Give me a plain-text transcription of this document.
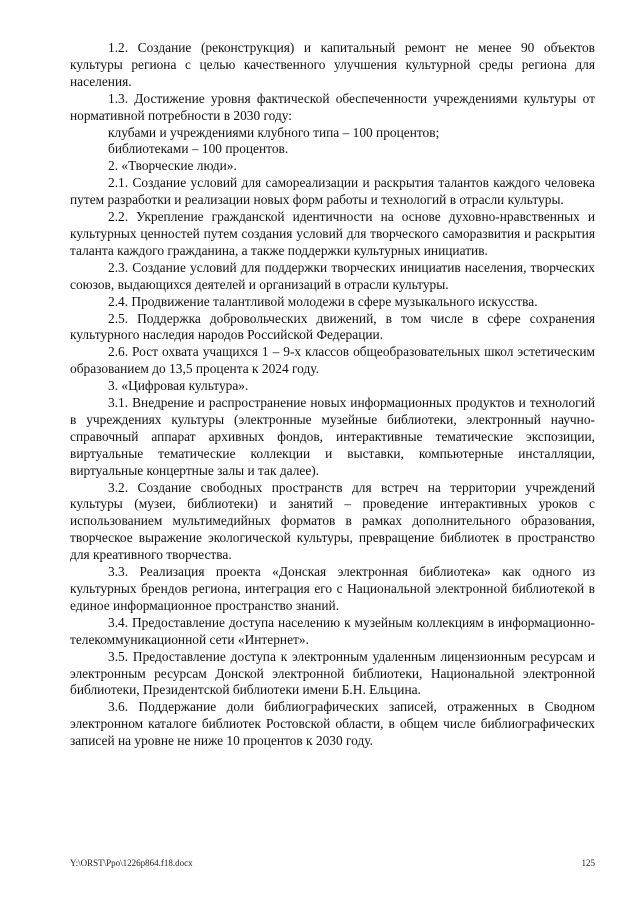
1.2. Создание (реконструкция) и капитальный ремонт не менее 90 объектов культуры региона с целью качественного улучшения культурной среды региона для населения.

1.3. Достижение уровня фактической обеспеченности учреждениями культуры от нормативной потребности в 2030 году:

клубами и учреждениями клубного типа – 100 процентов;

библиотеками – 100 процентов.

2. «Творческие люди».

2.1. Создание условий для самореализации и раскрытия талантов каждого человека путем разработки и реализации новых форм работы и технологий в отрасли культуры.

2.2. Укрепление гражданской идентичности на основе духовно-нравственных и культурных ценностей путем создания условий для творческого саморазвития и раскрытия таланта каждого гражданина, а также поддержки культурных инициатив.

2.3. Создание условий для поддержки творческих инициатив населения, творческих союзов, выдающихся деятелей и организаций в отрасли культуры.

2.4. Продвижение талантливой молодежи в сфере музыкального искусства.

2.5. Поддержка добровольческих движений, в том числе в сфере сохранения культурного наследия народов Российской Федерации.

2.6. Рост охвата учащихся 1 – 9-х классов общеобразовательных школ эстетическим образованием до 13,5 процента к 2024 году.

3. «Цифровая культура».

3.1. Внедрение и распространение новых информационных продуктов и технологий в учреждениях культуры (электронные музейные библиотеки, электронный научно-справочный аппарат архивных фондов, интерактивные тематические экспозиции, виртуальные тематические коллекции и выставки, компьютерные инсталляции, виртуальные концертные залы и так далее).

3.2. Создание свободных пространств для встреч на территории учреждений культуры (музеи, библиотеки) и занятий – проведение интерактивных уроков с использованием мультимедийных форматов в рамках дополнительного образования, творческое выражение экологической культуры, превращение библиотек в пространство для креативного творчества.

3.3. Реализация проекта «Донская электронная библиотека» как одного из культурных брендов региона, интеграция его с Национальной электронной библиотекой в единое информационное пространство знаний.

3.4. Предоставление доступа населению к музейным коллекциям в информационно-телекоммуникационной сети «Интернет».

3.5. Предоставление доступа к электронным удаленным лицензионным ресурсам и электронным ресурсам Донской электронной библиотеки, Национальной электронной библиотеки, Президентской библиотеки имени Б.Н. Ельцина.

3.6. Поддержание доли библиографических записей, отраженных в Сводном электронном каталоге библиотек Ростовской области, в общем числе библиографических записей на уровне не ниже 10 процентов к 2030 году.

Y:\ORST\Ppo\1226p864.f18.docx	125
